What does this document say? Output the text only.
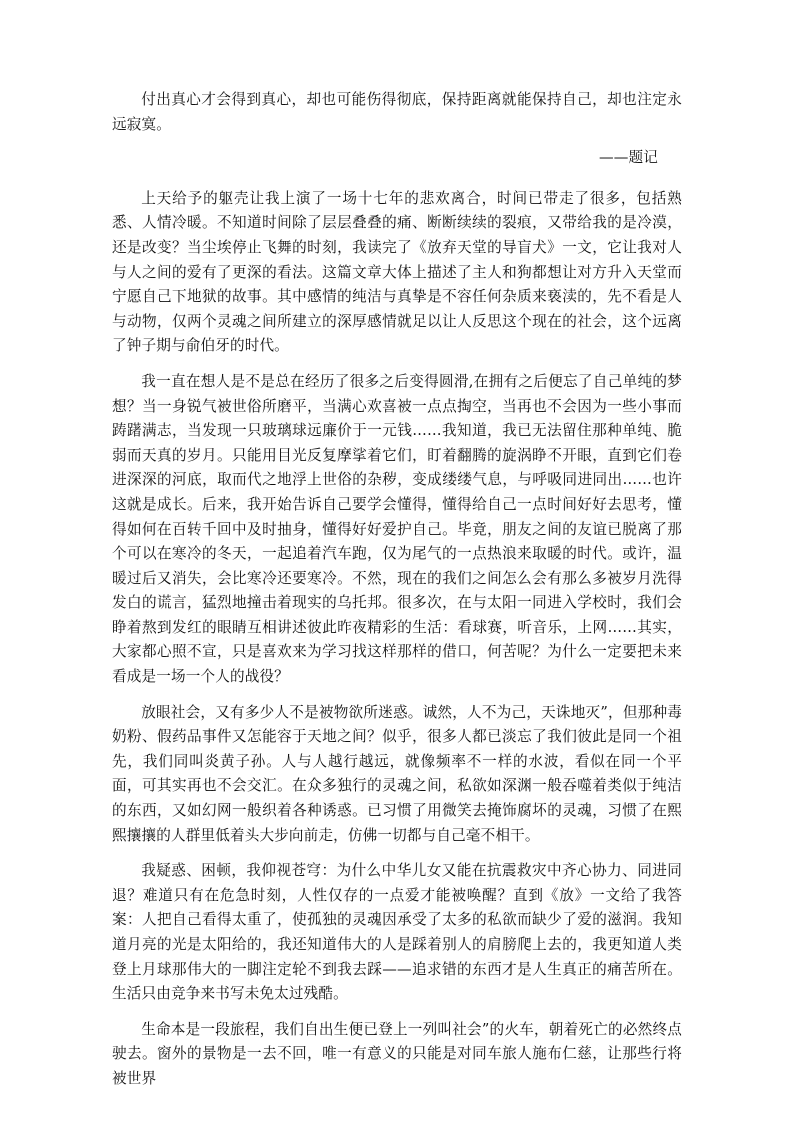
付出真心才会得到真心，却也可能伤得彻底，保持距离就能保持自己，却也注定永远寂寞。

——题记

上天给予的躯壳让我上演了一场十七年的悲欢离合，时间已带走了很多，包括熟悉、人情冷暖。不知道时间除了层层叠叠的痛、断断续续的裂痕，又带给我的是冷漠，还是改变？当尘埃停止飞舞的时刻，我读完了《放弃天堂的导盲犬》一文，它让我对人与人之间的爱有了更深的看法。这篇文章大体上描述了主人和狗都想让对方升入天堂而宁愿自己下地狱的故事。其中感情的纯洁与真挚是不容任何杂质来亵渎的，先不看是人与动物，仅两个灵魂之间所建立的深厚感情就足以让人反思这个现在的社会，这个远离了钟子期与俞伯牙的时代。

我一直在想人是不是总在经历了很多之后变得圆滑,在拥有之后便忘了自己单纯的梦想？当一身锐气被世俗所磨平，当满心欢喜被一点点掏空，当再也不会因为一些小事而踌躇满志，当发现一只玻璃球远廉价于一元钱……我知道，我已无法留住那种单纯、脆弱而天真的岁月。只能用目光反复摩挲着它们，盯着翻腾的旋涡睁不开眼，直到它们卷进深深的河底，取而代之地浮上世俗的杂秽，变成缕缕气息，与呼吸同进同出……也许这就是成长。后来，我开始告诉自己要学会懂得，懂得给自己一点时间好好去思考，懂得如何在百转千回中及时抽身，懂得好好爱护自己。毕竟，朋友之间的友谊已脱离了那个可以在寒冷的冬天，一起追着汽车跑，仅为尾气的一点热浪来取暖的时代。或许，温暖过后又消失，会比寒冷还要寒冷。不然，现在的我们之间怎么会有那么多被岁月洗得发白的谎言，猛烈地撞击着现实的乌托邦。很多次，在与太阳一同进入学校时，我们会睁着熬到发红的眼睛互相讲述彼此昨夜精彩的生活：看球赛，听音乐，上网……其实，大家都心照不宣，只是喜欢来为学习找这样那样的借口，何苦呢？为什么一定要把未来看成是一场一个人的战役？

放眼社会，又有多少人不是被物欲所迷惑。诚然，人不为己，天诛地灭”，但那种毒奶粉、假药品事件又怎能容于天地之间？似乎，很多人都已淡忘了我们彼此是同一个祖先，我们同叫炎黄子孙。人与人越行越远，就像频率不一样的水波，看似在同一个平面，可其实再也不会交汇。在众多独行的灵魂之间，私欲如深渊一般吞噬着类似于纯洁的东西，又如幻网一般织着各种诱惑。已习惯了用微笑去掩饰腐坏的灵魂，习惯了在熙熙攘攘的人群里低着头大步向前走，仿佛一切都与自己毫不相干。

我疑惑、困顿，我仰视苍穹：为什么中华儿女又能在抗震救灾中齐心协力、同进同退？难道只有在危急时刻，人性仅存的一点爱才能被唤醒？直到《放》一文给了我答案：人把自己看得太重了，使孤独的灵魂因承受了太多的私欲而缺少了爱的滋润。我知道月亮的光是太阳给的，我还知道伟大的人是踩着别人的肩膀爬上去的，我更知道人类登上月球那伟大的一脚注定轮不到我去踩——追求错的东西才是人生真正的痛苦所在。生活只由竞争来书写未免太过残酷。

生命本是一段旅程，我们自出生便已登上一列叫社会”的火车，朝着死亡的必然终点驶去。窗外的景物是一去不回，唯一有意义的只能是对同车旅人施布仁慈，让那些行将被世界
